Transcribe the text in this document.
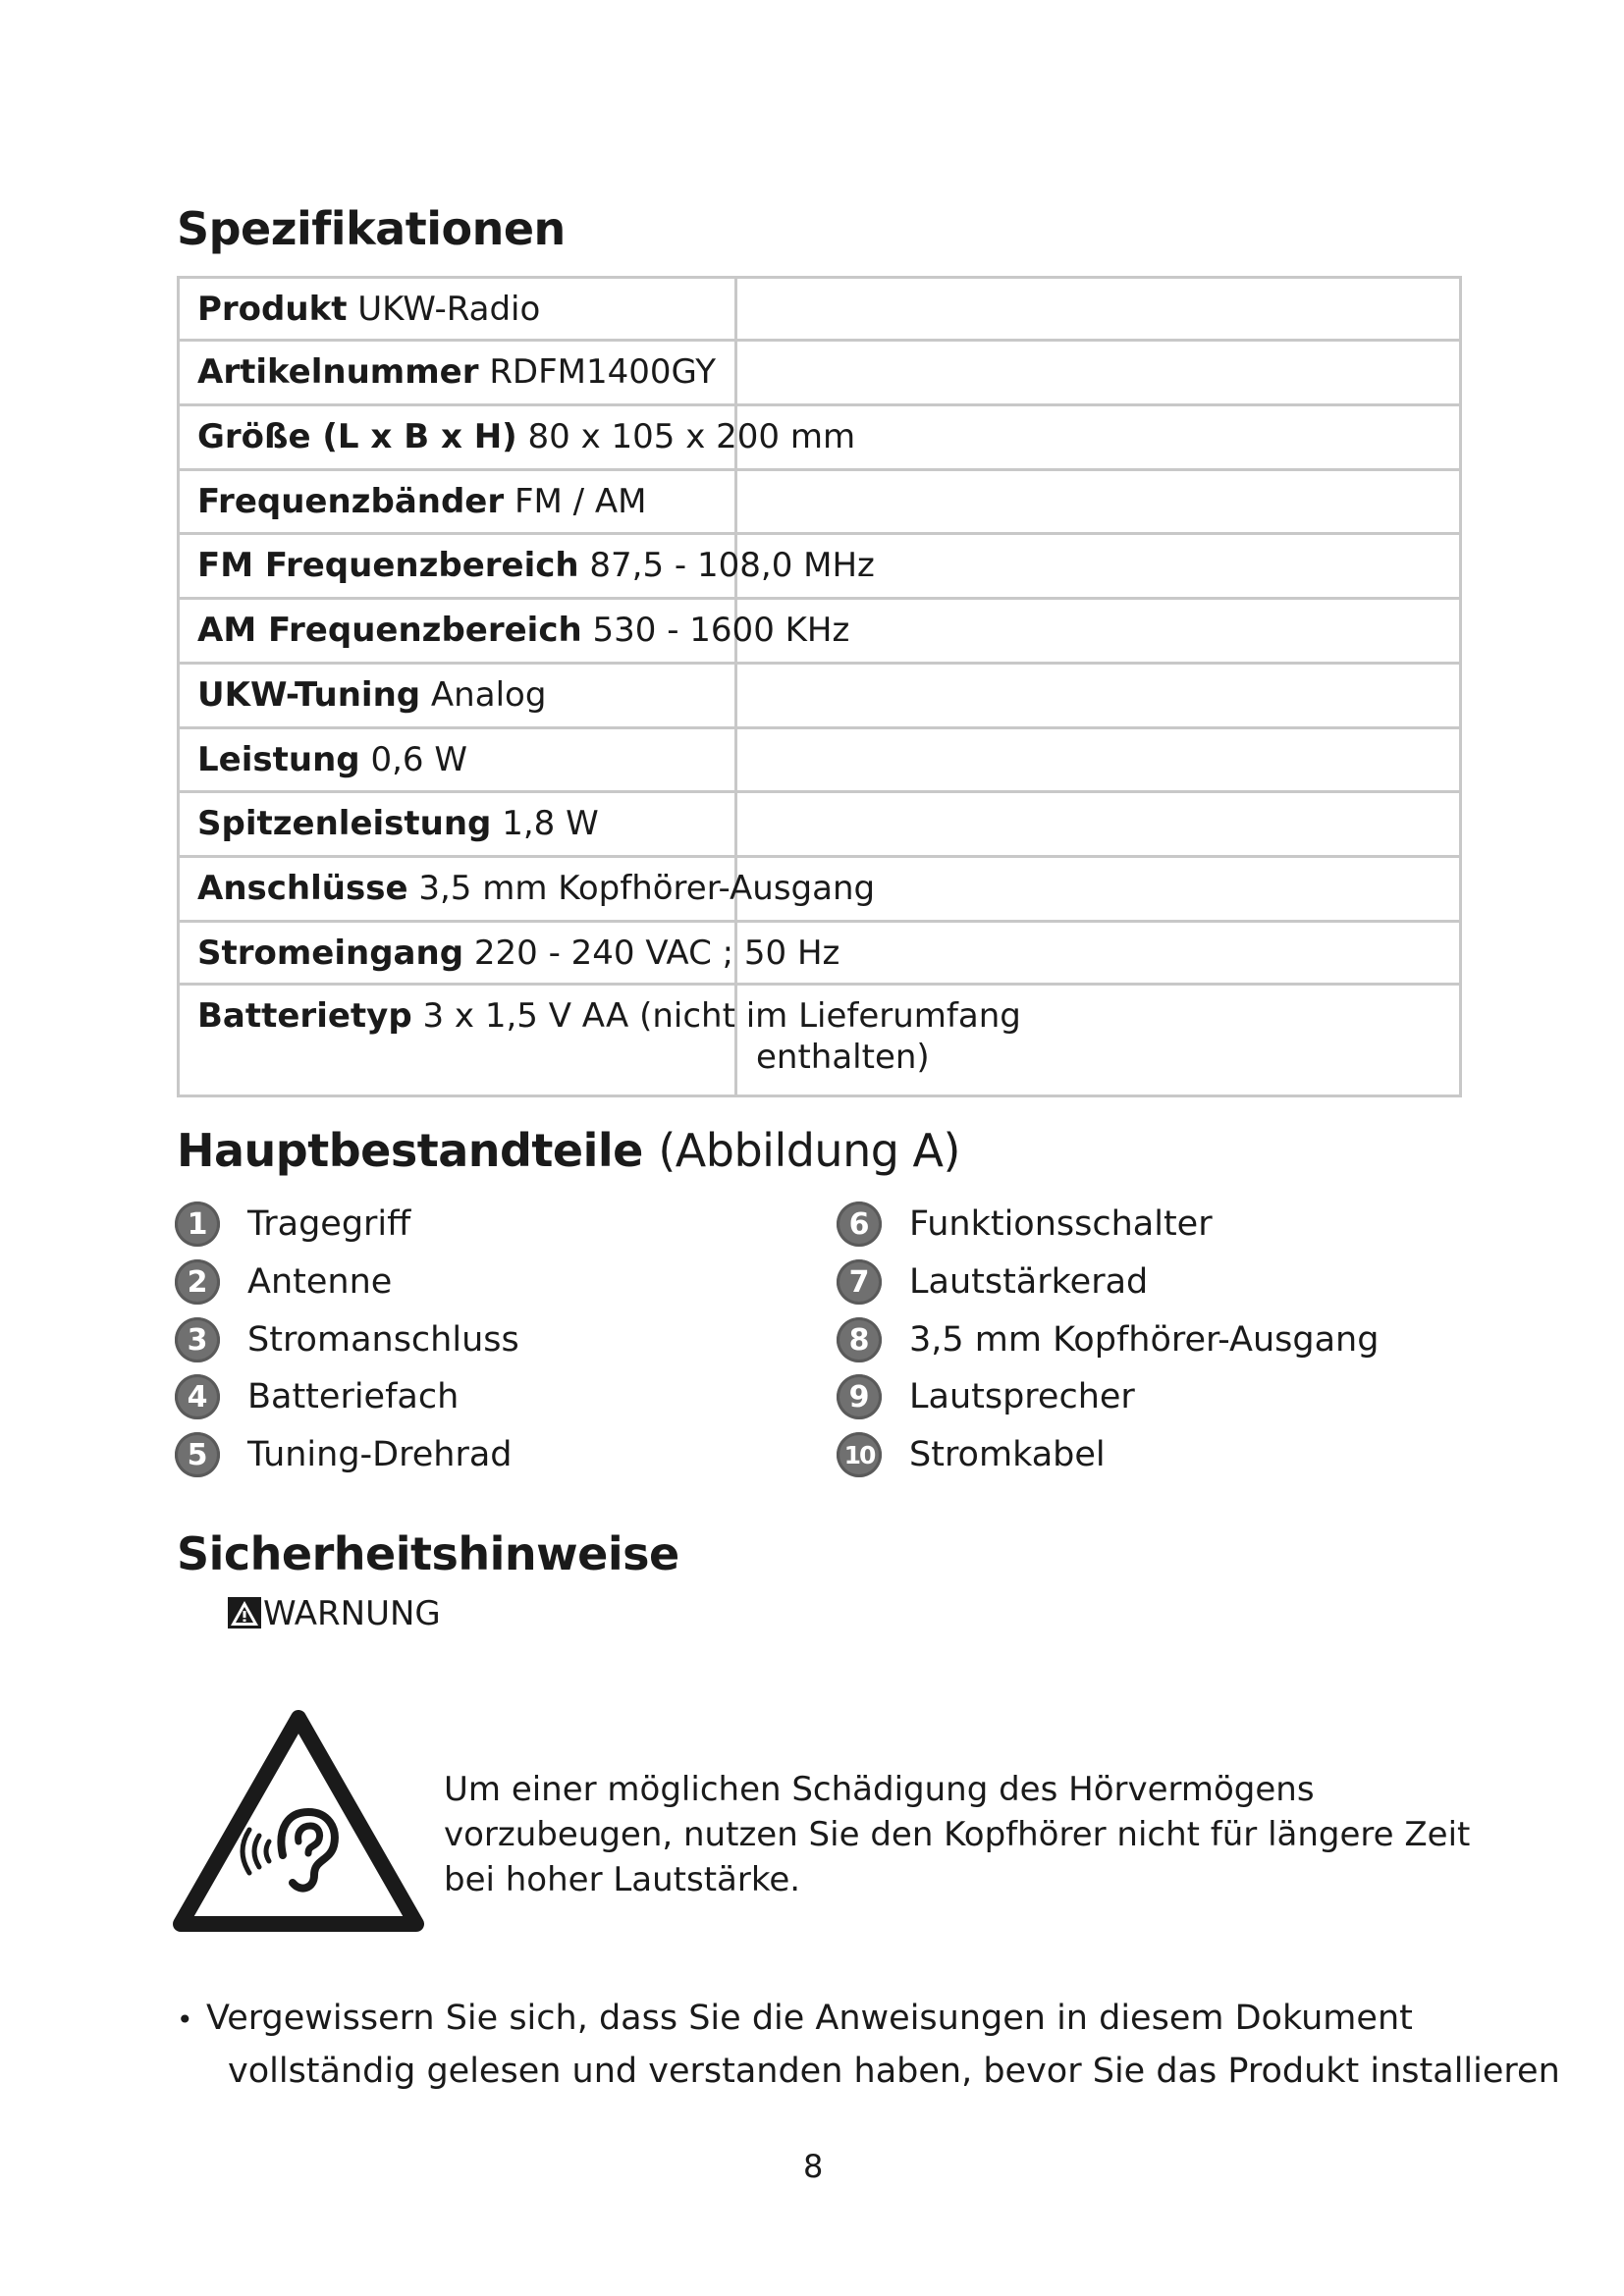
Spezifikationen
Produkt UKW-Radio	

Artikelnummer RDFM1400GY	

Größe (L x B x H) 80 x 105 x 200 mm	

Frequenzbänder FM / AM	

FM Frequenzbereich 87,5 - 108,0 MHz	

AM Frequenzbereich 530 - 1600 KHz	

UKW-Tuning Analog	

Leistung 0,6 W	

Spitzenleistung 1,8 W	

Anschlüsse 3,5 mm Kopfhörer-Ausgang	

Stromeingang 220 - 240 VAC ; 50 Hz	

Batterietyp 3 x 1,5 V AA (nicht im Lieferumfang
enthalten)	

Hauptbestandteile (Abbildung A)
1	Tragegriff
2	Antenne
3	Stromanschluss
4	Batteriefach
5	Tuning-Drehrad
6	Funktionsschalter
7	Lautstärkerad
8	3,5 mm Kopfhörer-Ausgang
9	Lautsprecher
10 Stromkabel
Sicherheitshinweise
WARNUNG
Um einer möglichen Schädigung des Hörvermögens
vorzubeugen, nutzen Sie den Kopfhörer nicht für längere Zeit
bei hoher Lautstärke.
• Vergewissern Sie sich, dass Sie die Anweisungen in diesem Dokument
vollständig gelesen und verstanden haben, bevor Sie das Produkt installieren
8
